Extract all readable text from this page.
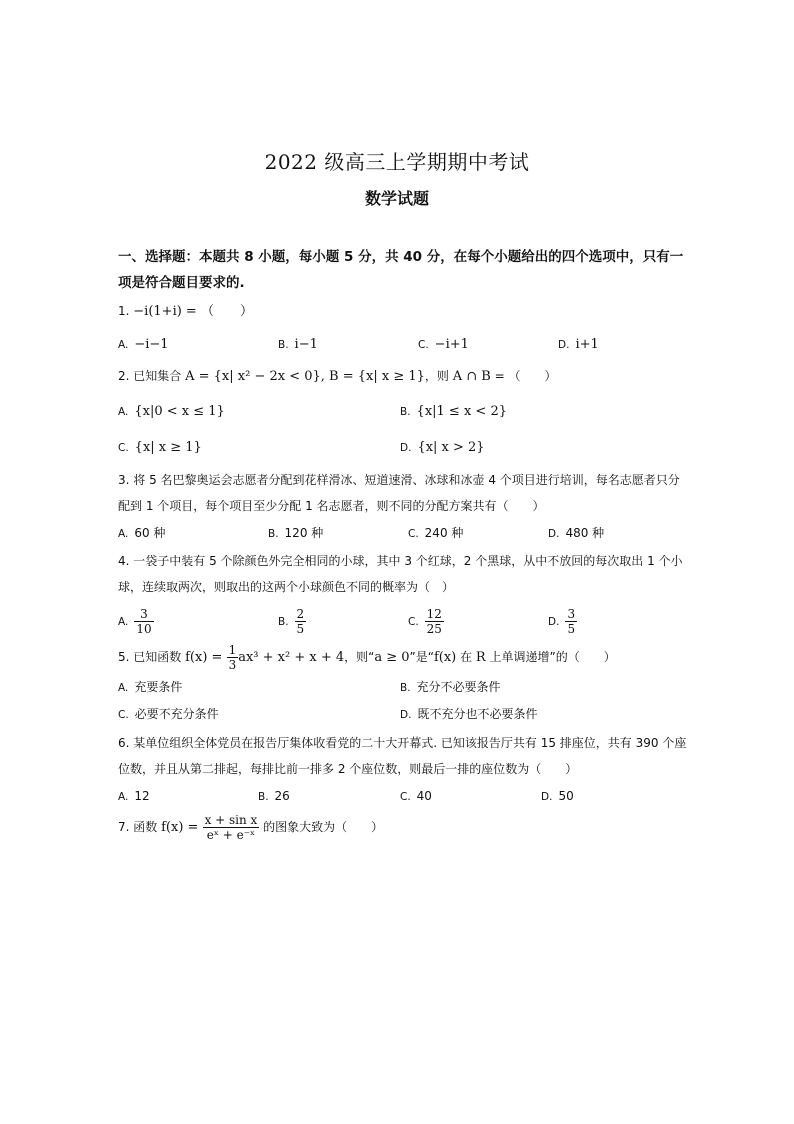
2022 级高三上学期期中考试
数学试题
一、选择题：本题共 8 小题，每小题 5 分，共 40 分，在每个小题给出的四个选项中，只有一项是符合题目要求的.
1. −i(1+i) = （　　）
A. −i−1	B. i−1	C. −i+1	D. i+1
2. 已知集合 A = {x| x² − 2x < 0}, B = {x| x ≥ 1}，则 A ∩ B = （　　）
A. {x|0 < x ≤ 1}	B. {x|1 ≤ x < 2}
C. {x| x ≥ 1}	D. {x| x > 2}
3. 将 5 名巴黎奥运会志愿者分配到花样滑冰、短道速滑、冰球和冰壶 4 个项目进行培训，每名志愿者只分配到 1 个项目，每个项目至少分配 1 名志愿者，则不同的分配方案共有（　　）
A. 60 种	B. 120 种	C. 240 种	D. 480 种
4. 一袋子中装有 5 个除颜色外完全相同的小球，其中 3 个红球，2 个黑球，从中不放回的每次取出 1 个小球，连续取两次，则取出的这两个小球颜色不同的概率为（　）
A. $\frac{3}{10}$	B. $\frac{2}{5}$	C. $\frac{12}{25}$	D. $\frac{3}{5}$
5. 已知函数 $f(x) = \frac{1}{3} ax^3 + x^2 + x + 4$，则“a ≥ 0”是“f(x) 在 R 上单调递增”的（　　）
A. 充要条件	B. 充分不必要条件
C. 必要不充分条件	D. 既不充分也不必要条件
6. 某单位组织全体党员在报告厅集体收看党的二十大开幕式. 已知该报告厅共有 15 排座位，共有 390 个座位数，并且从第二排起，每排比前一排多 2 个座位数，则最后一排的座位数为（　　）
A. 12	B. 26	C. 40	D. 50
7. 函数 $f(x) = \frac{\text{x + sin x}}{\text{eˣ + e⁻ˣ}}$ 的图象大致为（　　）
